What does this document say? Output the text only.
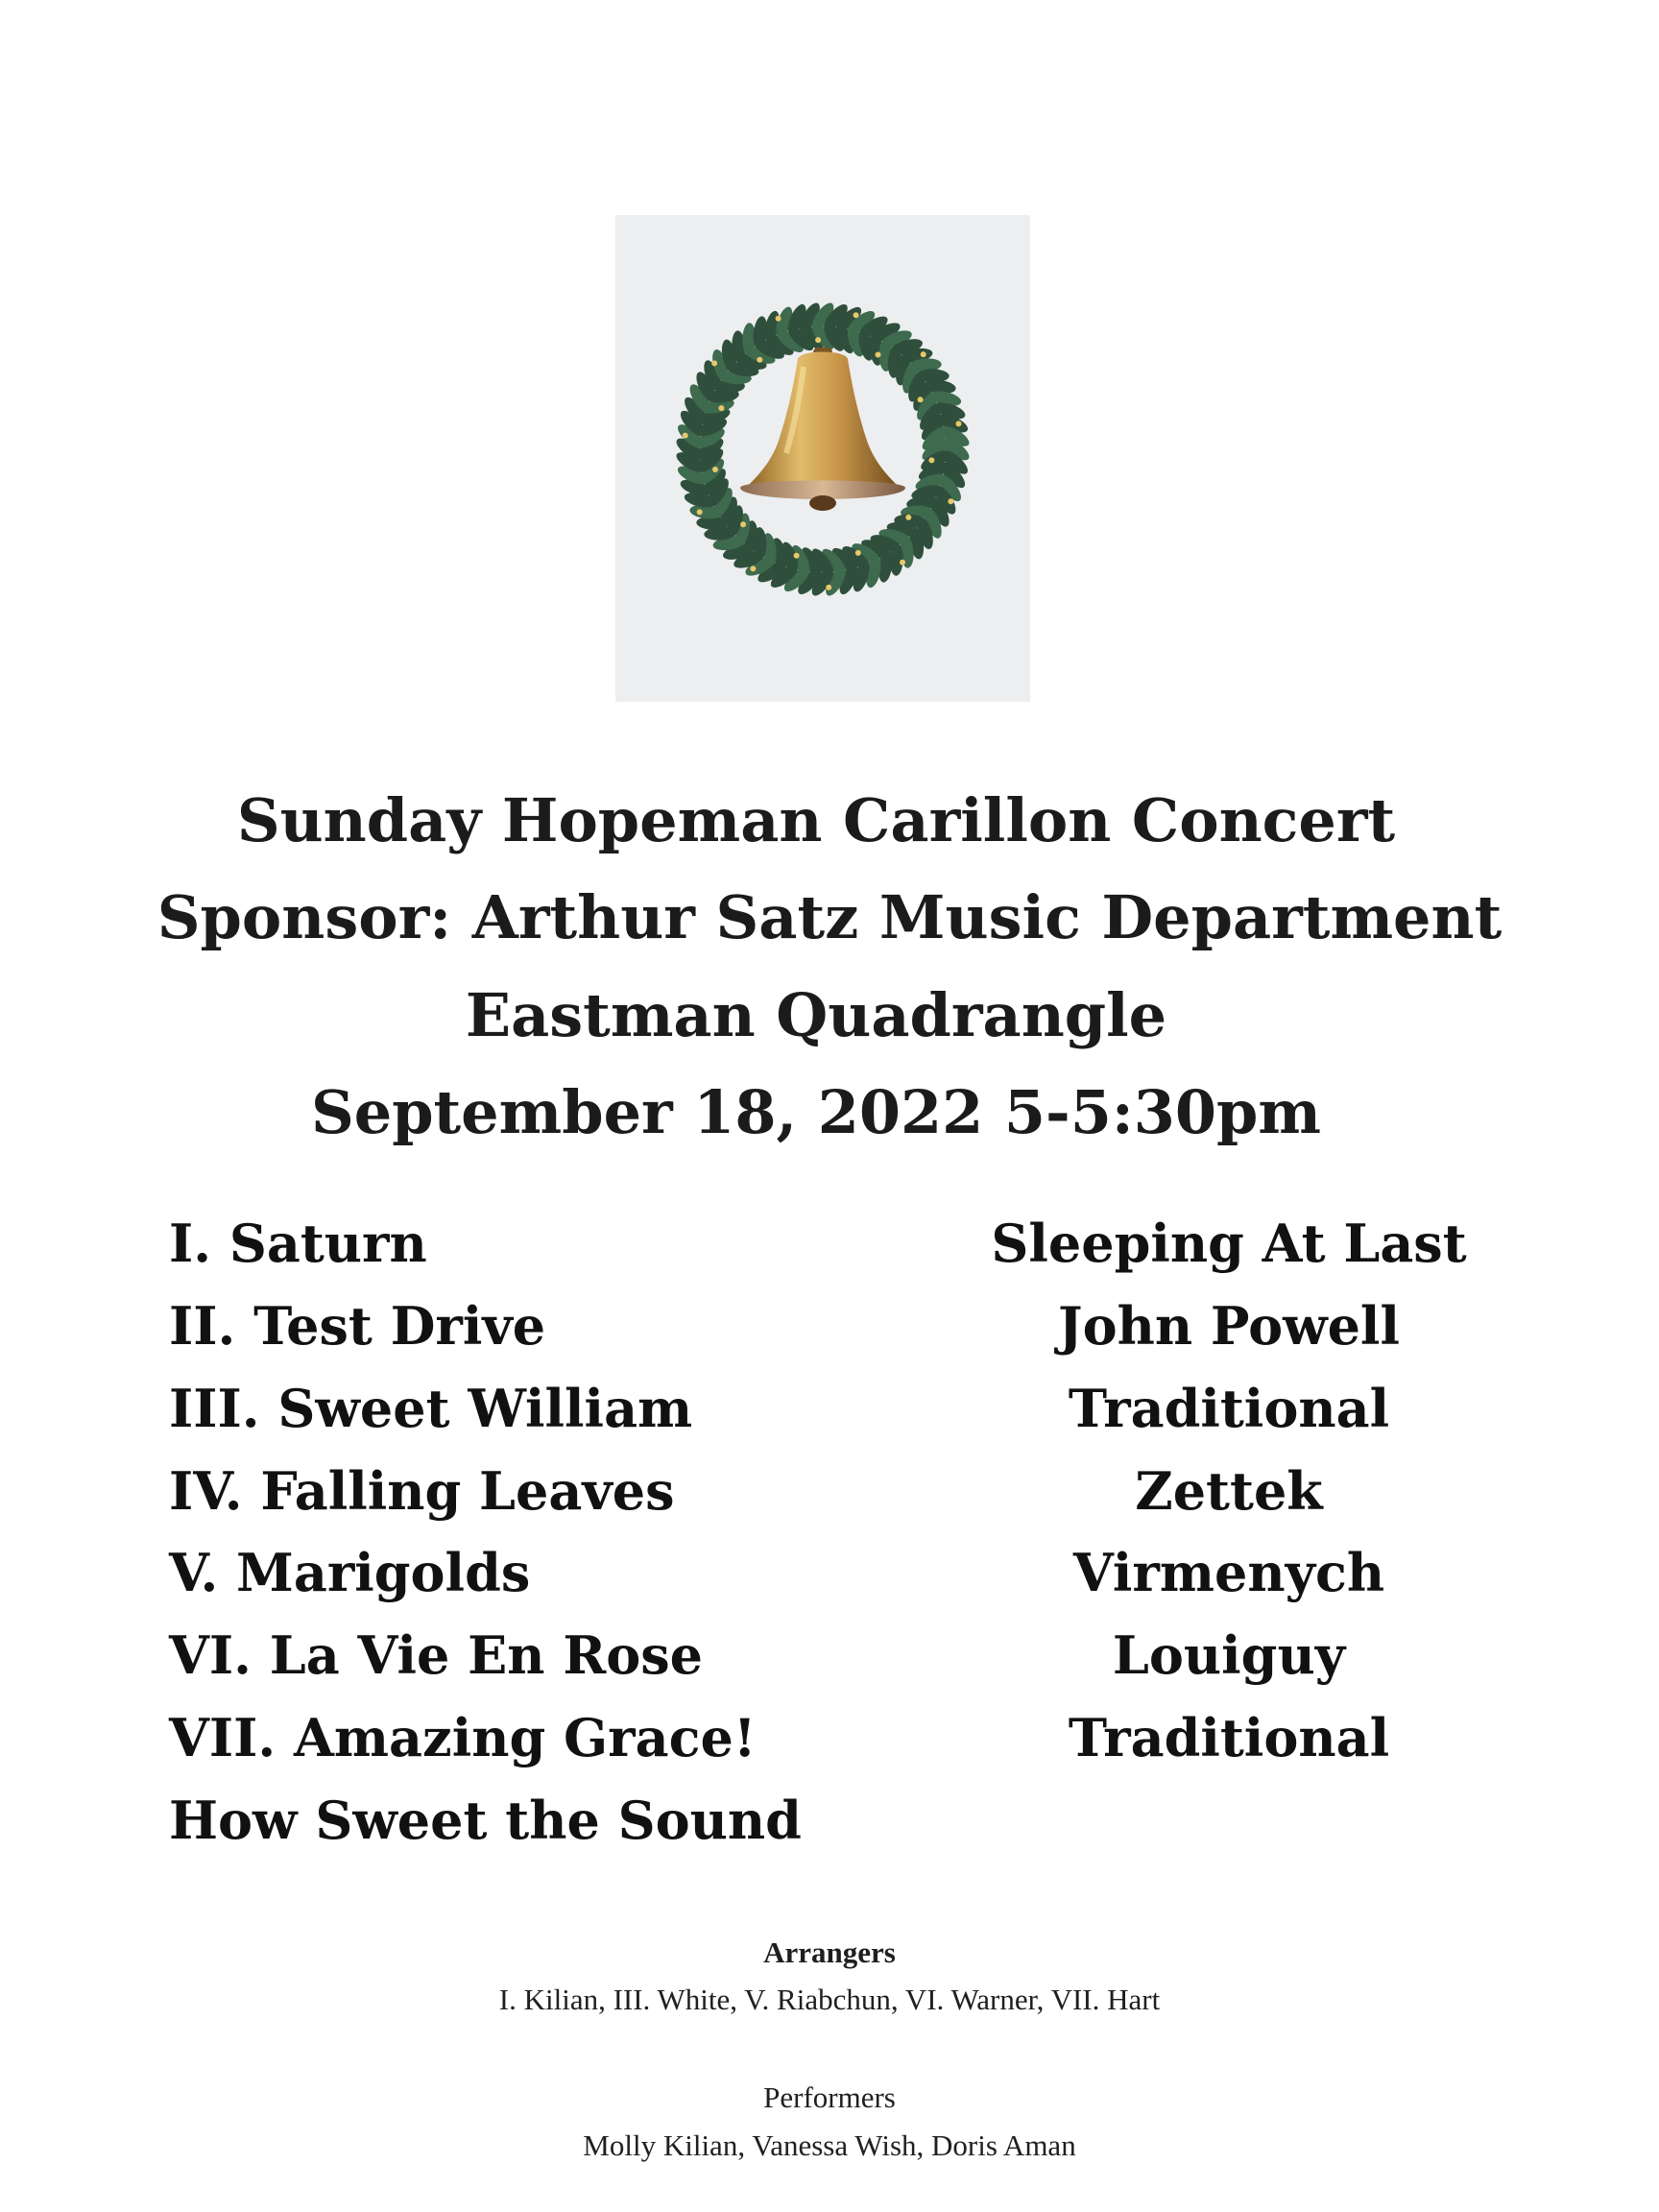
Sunday Hopeman Carillon Concert
Sponsor: Arthur Satz Music Department
Eastman Quadrangle
September 18, 2022 5-5:30pm
I. Saturn	Sleeping At Last
II. Test Drive	John Powell
III. Sweet William	Traditional
IV. Falling Leaves	Zettek
V. Marigolds	Virmenych
VI. La Vie En Rose	Louiguy
VII. Amazing Grace!	Traditional
How Sweet the Sound
Arrangers
I. Kilian, III. White, V. Riabchun, VI. Warner, VII. Hart
Performers
Molly Kilian, Vanessa Wish, Doris Aman
